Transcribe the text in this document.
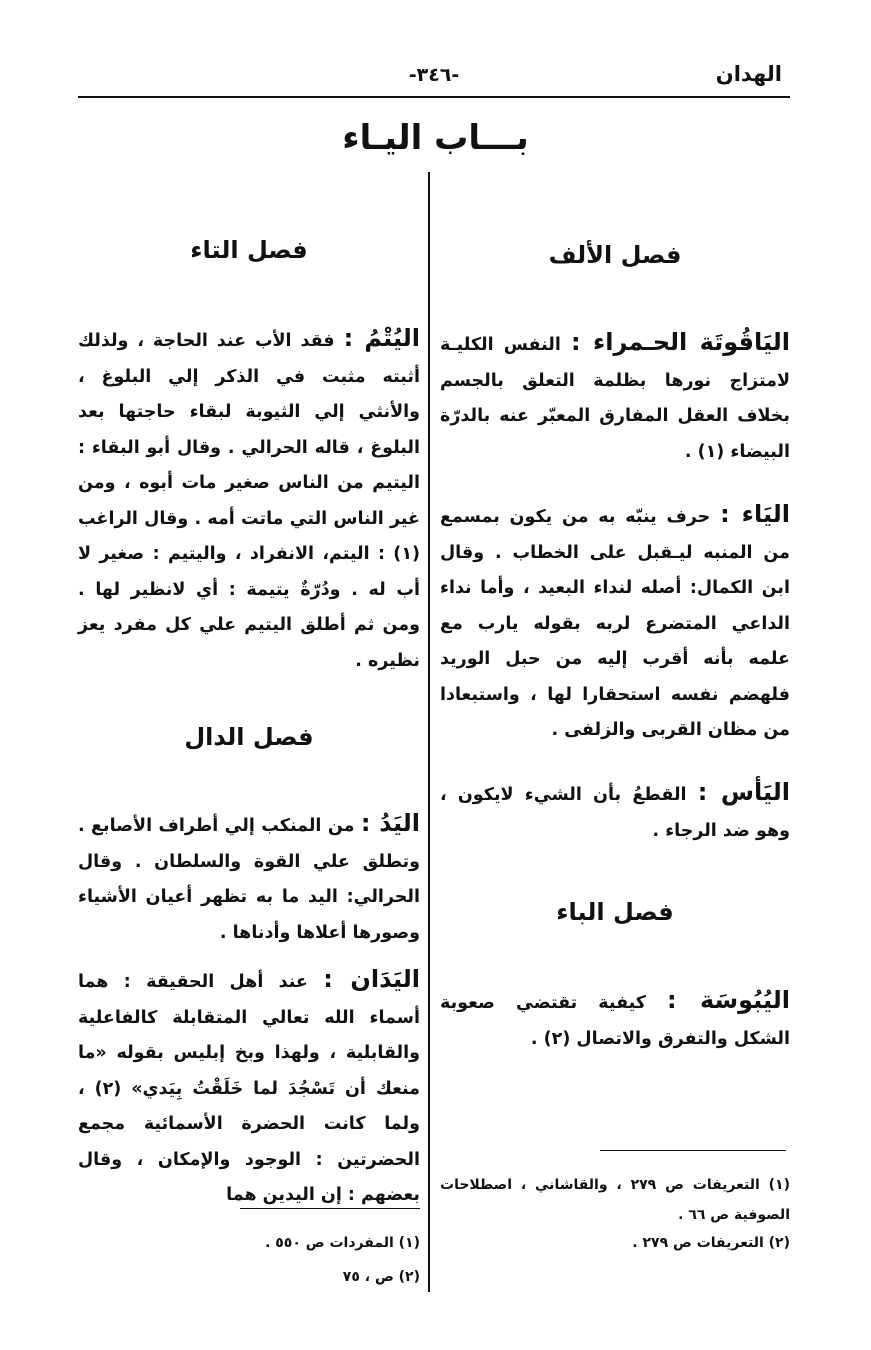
الهدان
-٣٤٦-
بـــاب اليـاء
فصل الألف

اليَاقُوتَة الحـمراء : النفس الكليـة لامتزاج نورها بظلمة التعلق بالجسم بخلاف العقل المفارق المعبّر عنه بالدرّة البيضاء (١) .

اليَاء : حرف ينبّه به من يكون بمسمع من المنبه ليـقبل على الخطاب . وقال ابن الكمال: أصله لنداء البعيد ، وأما نداء الداعي المتضرع لربه بقوله يارب مع علمه بأنه أقرب إليه من حبل الوريد فلهضم نفسه استحقارا لها ، واستبعادا من مظان القربى والزلفى .

اليَأس : القطعُ بأن الشيء لايكون ، وهو ضد الرجاء .

فصل الباء

اليُبُوسَة : كيفية تقتضي صعوبة الشكل والتفرق والاتصال (٢) .

(١) التعريفات ص ٢٧٩ ، والقاشاني ، اصطلاحات الصوفية ص ٦٦ .
(٢) التعريفات ص ٢٧٩ .
فصل التاء

اليُتْمُ : فقد الأب عند الحاجة ، ولذلك أثبته مثبت في الذكر إلي البلوغ ، والأنثي إلي الثيوبة لبقاء حاجتها بعد البلوغ ، قاله الحرالي . وقال أبو البقاء : اليتيم من الناس صغير مات أبوه ، ومن غير الناس التي ماتت أمه . وقال الراغب (١) : اليتم، الانفراد ، واليتيم : صغير لا أب له . ودُرّةٌ يتيمة : أي لانظير لها . ومن ثم أطلق اليتيم علي كل مفرد يعز نظيره .

فصل الدال

اليَدُ : من المنكب إلي أطراف الأصابع . وتطلق علي القوة والسلطان . وقال الحرالي: اليد ما به تظهر أعيان الأشياء وصورها أعلاها وأدناها .

اليَدَان : عند أهل الحقيقة : هما أسماء الله تعالي المتقابلة كالفاعلية والقابلية ، ولهذا وبخ إبليس بقوله «ما منعك أن تَسْجُدَ لما خَلَقْتُ بِيَدي» (٢) ، ولما كانت الحضرة الأسمائية مجمع الحضرتين : الوجود والإمكان ، وقال بعضهم : إن اليدين هما

(١) المفردات ص ٥٥٠ .
(٢) ص ، ٧٥
